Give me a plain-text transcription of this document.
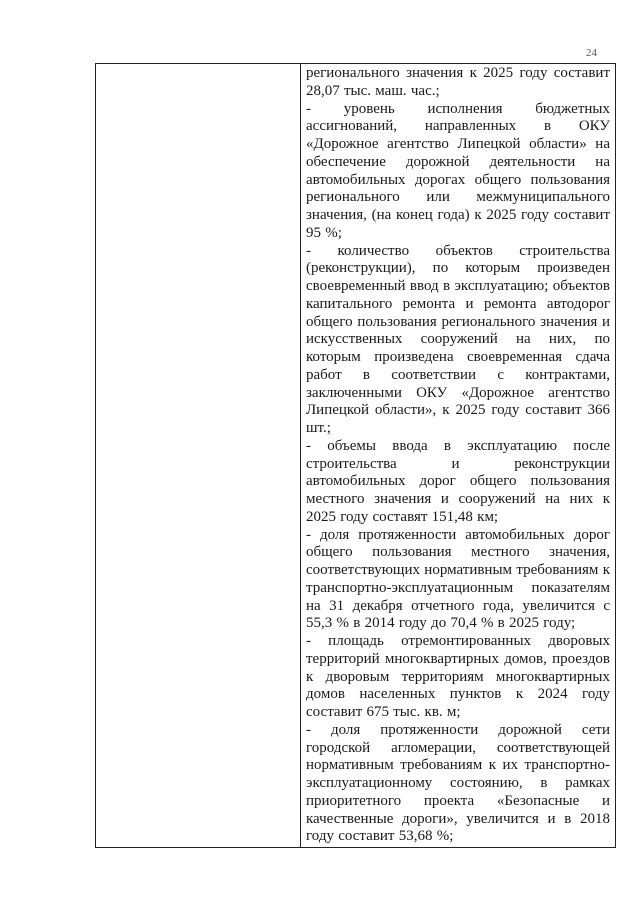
24

регионального значения к 2025 году составит 28,07 тыс. маш. час.;

- уровень исполнения бюджетных ассигнований, направленных в ОКУ «Дорожное агентство Липецкой области» на обеспечение дорожной деятельности на автомобильных дорогах общего пользования регионального или межмуниципального значения, (на конец года) к 2025 году составит 95 %;

- количество объектов строительства (реконструкции), по которым произведен своевременный ввод в эксплуатацию; объектов капитального ремонта и ремонта автодорог общего пользования регионального значения и искусственных сооружений на них, по которым произведена своевременная сдача работ в соответствии с контрактами, заключенными ОКУ «Дорожное агентство Липецкой области», к 2025 году составит 366 шт.;

- объемы ввода в эксплуатацию после строительства и реконструкции автомобильных дорог общего пользования местного значения и сооружений на них к 2025 году составят 151,48 км;

- доля протяженности автомобильных дорог общего пользования местного значения, соответствующих нормативным требованиям к транспортно-эксплуатационным показателям на 31 декабря отчетного года, увеличится с 55,3 % в 2014 году до 70,4 % в 2025 году;

- площадь отремонтированных дворовых территорий многоквартирных домов, проездов к дворовым территориям многоквартирных домов населенных пунктов к 2024 году составит 675 тыс. кв. м;

- доля протяженности дорожной сети городской агломерации, соответствующей нормативным требованиям к их транспортно-эксплуатационному состоянию, в рамках приоритетного проекта «Безопасные и качественные дороги», увеличится и в 2018 году составит 53,68 %;
